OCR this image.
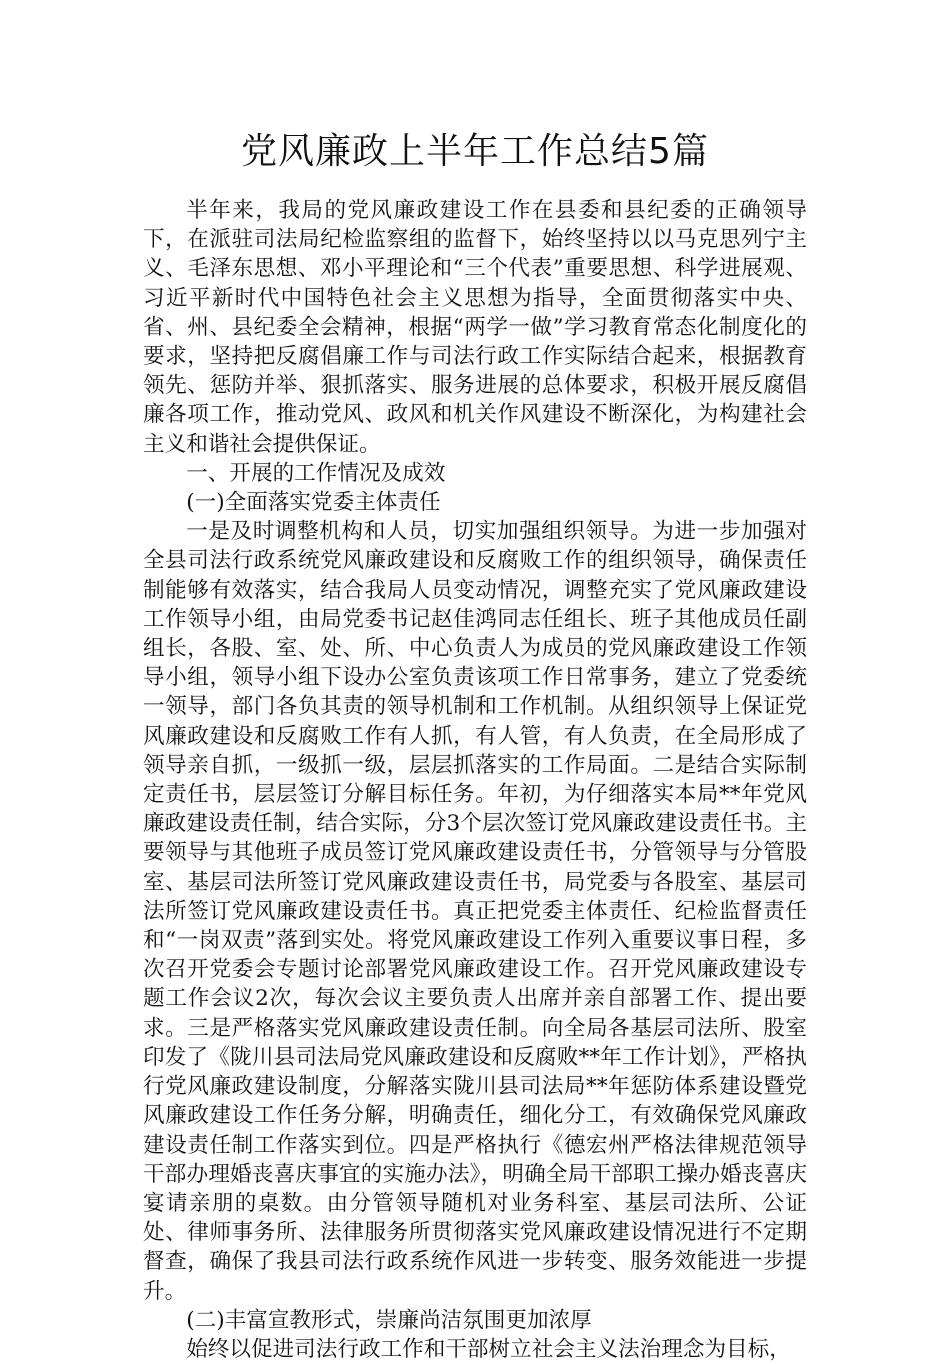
党风廉政上半年工作总结5篇

半年来，我局的党风廉政建设工作在县委和县纪委的正确领导下，在派驻司法局纪检监察组的监督下，始终坚持以以马克思列宁主义、毛泽东思想、邓小平理论和“三个代表”重要思想、科学进展观、习近平新时代中国特色社会主义思想为指导，全面贯彻落实中央、省、州、县纪委全会精神，根据“两学一做”学习教育常态化制度化的要求，坚持把反腐倡廉工作与司法行政工作实际结合起来，根据教育领先、惩防并举、狠抓落实、服务进展的总体要求，积极开展反腐倡廉各项工作，推动党风、政风和机关作风建设不断深化，为构建社会主义和谐社会提供保证。

一、开展的工作情况及成效

(一)全面落实党委主体责任

一是及时调整机构和人员，切实加强组织领导。为进一步加强对全县司法行政系统党风廉政建设和反腐败工作的组织领导，确保责任制能够有效落实，结合我局人员变动情况，调整充实了党风廉政建设工作领导小组，由局党委书记赵佳鸿同志任组长、班子其他成员任副组长，各股、室、处、所、中心负责人为成员的党风廉政建设工作领导小组，领导小组下设办公室负责该项工作日常事务，建立了党委统一领导，部门各负其责的领导机制和工作机制。从组织领导上保证党风廉政建设和反腐败工作有人抓，有人管，有人负责，在全局形成了领导亲自抓，一级抓一级，层层抓落实的工作局面。二是结合实际制定责任书，层层签订分解目标任务。年初，为仔细落实本局**年党风廉政建设责任制，结合实际，分3个层次签订党风廉政建设责任书。主要领导与其他班子成员签订党风廉政建设责任书，分管领导与分管股室、基层司法所签订党风廉政建设责任书，局党委与各股室、基层司法所签订党风廉政建设责任书。真正把党委主体责任、纪检监督责任和“一岗双责”落到实处。将党风廉政建设工作列入重要议事日程，多次召开党委会专题讨论部署党风廉政建设工作。召开党风廉政建设专题工作会议2次，每次会议主要负责人出席并亲自部署工作、提出要求。三是严格落实党风廉政建设责任制。向全局各基层司法所、股室印发了《陇川县司法局党风廉政建设和反腐败**年工作计划》，严格执行党风廉政建设制度，分解落实陇川县司法局**年惩防体系建设暨党风廉政建设工作任务分解，明确责任，细化分工，有效确保党风廉政建设责任制工作落实到位。四是严格执行《德宏州严格法律规范领导干部办理婚丧喜庆事宜的实施办法》，明确全局干部职工操办婚丧喜庆宴请亲朋的桌数。由分管领导随机对业务科室、基层司法所、公证处、律师事务所、法律服务所贯彻落实党风廉政建设情况进行不定期督查，确保了我县司法行政系统作风进一步转变、服务效能进一步提升。

(二)丰富宣教形式，崇廉尚洁氛围更加浓厚

始终以促进司法行政工作和干部树立社会主义法治理念为目标，
